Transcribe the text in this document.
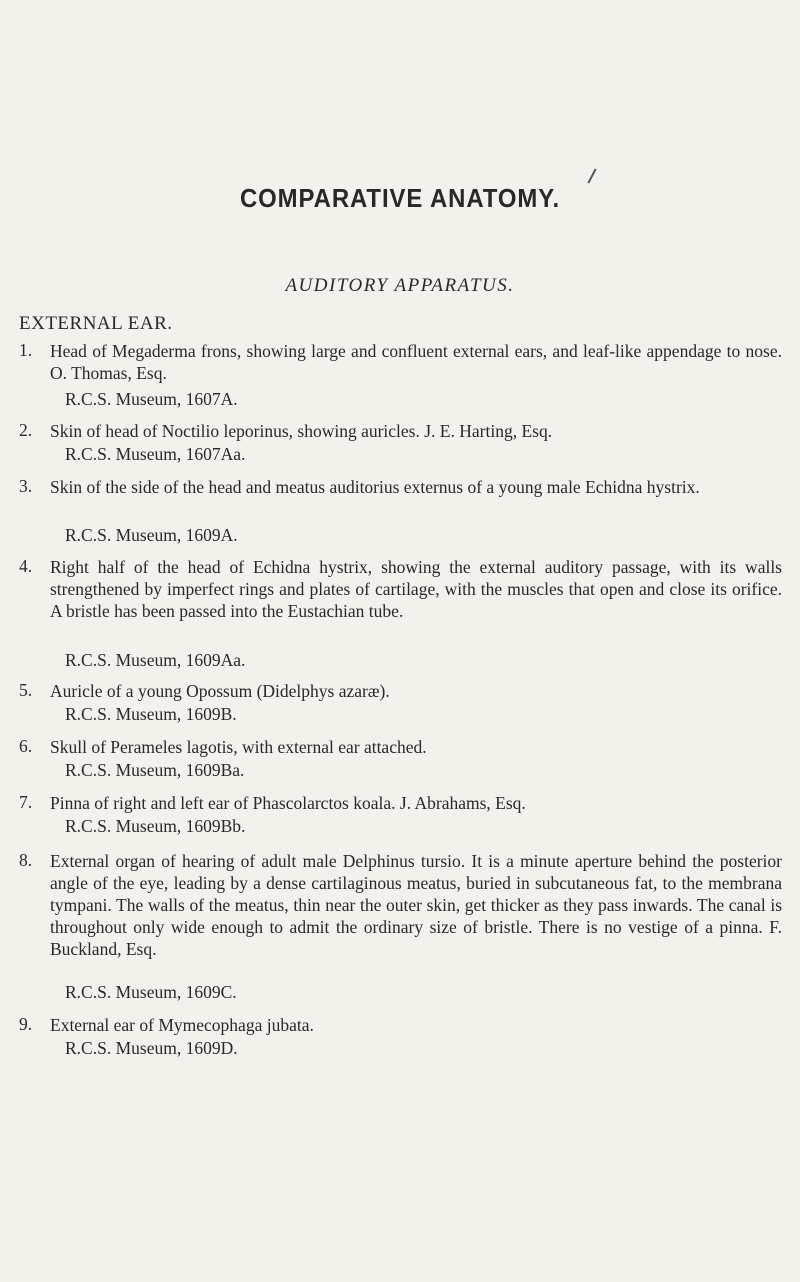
COMPARATIVE ANATOMY.
AUDITORY APPARATUS.
EXTERNAL EAR.
1. Head of Megaderma frons, showing large and confluent external ears, and leaf-like appendage to nose. O. Thomas, Esq.
R.C.S. Museum, 1607A.
2. Skin of head of Noctilio leporinus, showing auricles. J. E. Harting, Esq.
R.C.S. Museum, 1607Aa.
3. Skin of the side of the head and meatus auditorius externus of a young male Echidna hystrix.
R.C.S. Museum, 1609A.
4. Right half of the head of Echidna hystrix, showing the external auditory passage, with its walls strengthened by imperfect rings and plates of cartilage, with the muscles that open and close its orifice. A bristle has been passed into the Eustachian tube.
R.C.S. Museum, 1609Aa.
5. Auricle of a young Opossum (Didelphys azaræ).
R.C.S. Museum, 1609B.
6. Skull of Perameles lagotis, with external ear attached.
R.C.S. Museum, 1609Ba.
7. Pinna of right and left ear of Phascolarctos koala. J. Abrahams, Esq.
R.C.S. Museum, 1609Bb.
8. External organ of hearing of adult male Delphinus tursio. It is a minute aperture behind the posterior angle of the eye, leading by a dense cartilaginous meatus, buried in subcutaneous fat, to the membrana tympani. The walls of the meatus, thin near the outer skin, get thicker as they pass inwards. The canal is throughout only wide enough to admit the ordinary size of bristle. There is no vestige of a pinna. F. Buckland, Esq.
R.C.S. Museum, 1609C.
9. External ear of Mymecophaga jubata.
R.C.S. Museum, 1609D.
